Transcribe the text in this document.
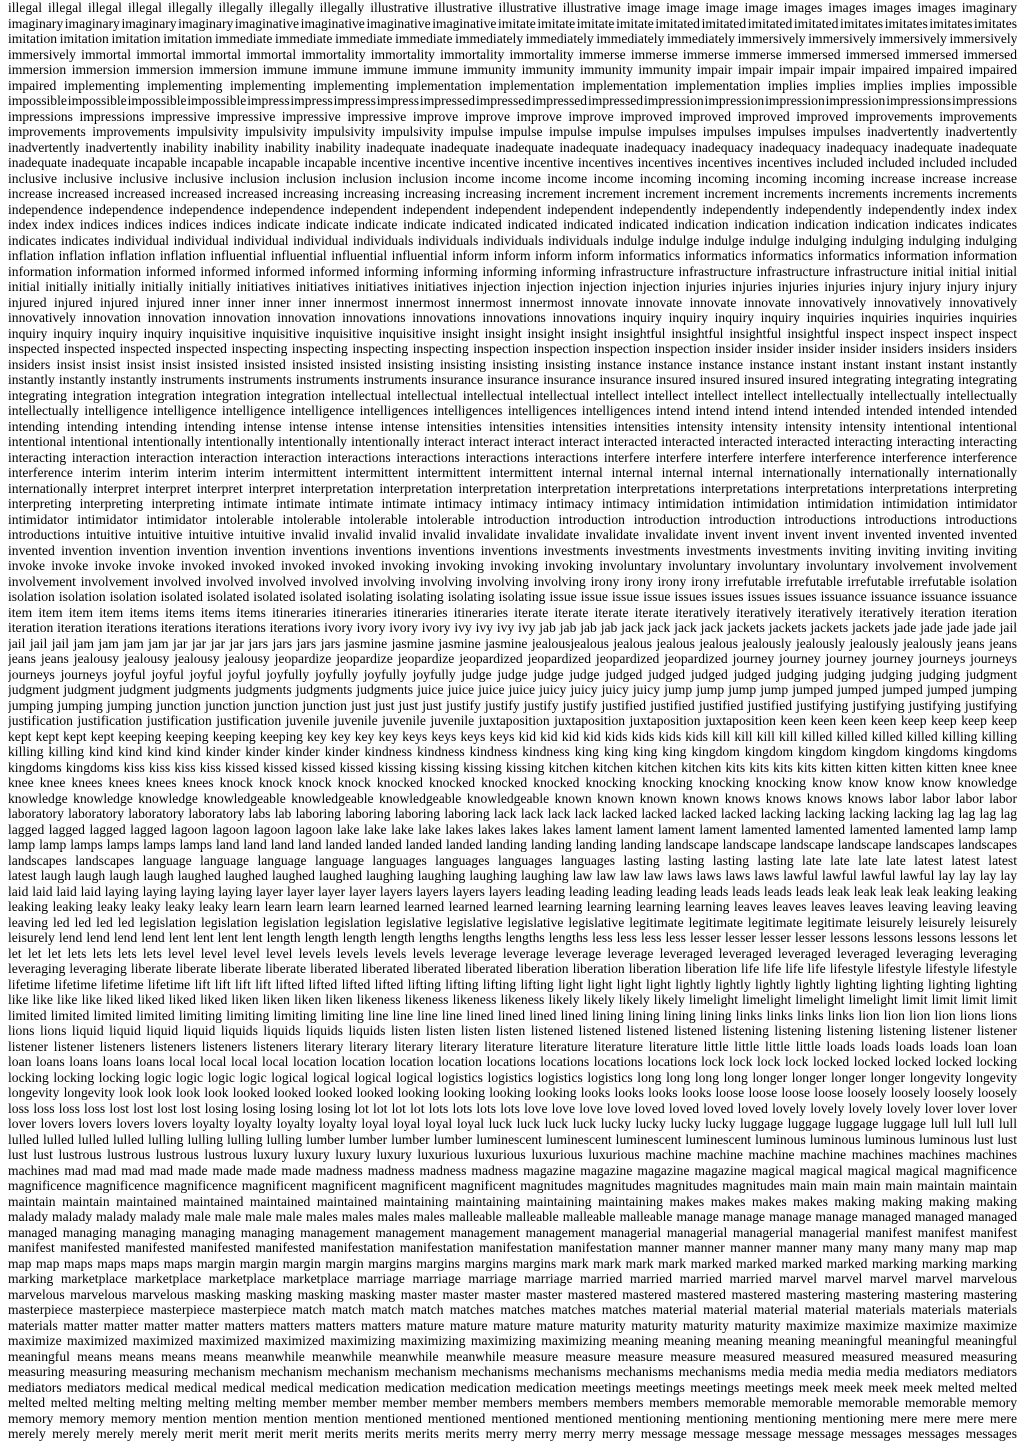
illegal illegal illegal illegal illegally illegally illegally illegally illustrative illustrative illustrative illustrative image image image image images images images images imaginary
imaginary imaginary imaginary imaginary imaginative imaginative imaginative imaginative imitate imitate imitate imitate imitated imitated imitated imitated imitates imitates imitates imitates
imitation imitation imitation imitation immediate immediate immediate immediate immediately immediately immediately immediately immersively immersively immersively immersively
immersively immortal immortal immortal immortal immortality immortality immortality immortality immerse immerse immerse immerse immersed immersed immersed immersed
immersion immersion immersion immersion immune immune immune immune immunity immunity immunity immunity impair impair impair impair impaired impaired impaired
impaired implementing implementing implementing implementing implementation implementation implementation implementation implies implies implies implies impossible
impossible impossible impossible impossible impress impress impress impress impressed impressed impressed impressed impression impression impression impression impressions impressions
impressions impressions impressive impressive impressive impressive improve improve improve improve improved improved improved improved improvements improvements
improvements improvements impulsivity impulsivity impulsivity impulsivity impulse impulse impulse impulse impulses impulses impulses impulses inadvertently inadvertently
inadvertently inadvertently inability inability inability inability inadequate inadequate inadequate inadequate inadequacy inadequacy inadequacy inadequacy inadequate inadequate
inadequate inadequate incapable incapable incapable incapable incentive incentive incentive incentive incentives incentives incentives incentives included included included included
inclusive inclusive inclusive inclusive inclusion inclusion inclusion inclusion income income income income incoming incoming incoming incoming increase increase increase
increase increased increased increased increased increasing increasing increasing increasing increment increment increment increment increments increments increments increments
independence independence independence independence independent independent independent independent independently independently independently independently index index
index index indices indices indices indices indicate indicate indicate indicate indicated indicated indicated indicated indication indication indication indication indicates indicates
indicates indicates individual individual individual individual individuals individuals individuals individuals indulge indulge indulge indulge indulging indulging indulging indulging
inflation inflation inflation inflation influential influential influential influential inform inform inform inform informatics informatics informatics informatics information information
information information informed informed informed informed informing informing informing informing infrastructure infrastructure infrastructure infrastructure initial initial initial
initial initially initially initially initially initiatives initiatives initiatives initiatives injection injection injection injection injuries injuries injuries injuries injury injury injury injury
injured injured injured injured inner inner inner inner innermost innermost innermost innermost innovate innovate innovate innovate innovatively innovatively innovatively
innovatively innovation innovation innovation innovation innovations innovations innovations innovations inquiry inquiry inquiry inquiry inquiries inquiries inquiries inquiries
inquiry inquiry inquiry inquiry inquisitive inquisitive inquisitive inquisitive insight insight insight insight insightful insightful insightful insightful inspect inspect inspect inspect
inspected inspected inspected inspected inspecting inspecting inspecting inspecting inspection inspection inspection inspection insider insider insider insider insiders insiders insiders
insiders insist insist insist insist insisted insisted insisted insisted insisting insisting insisting insisting instance instance instance instance instant instant instant instant instantly
instantly instantly instantly instruments instruments instruments instruments insurance insurance insurance insurance insured insured insured insured integrating integrating integrating
integrating integration integration integration integration intellectual intellectual intellectual intellectual intellect intellect intellect intellect intellectually intellectually intellectually
intellectually intelligence intelligence intelligence intelligence intelligences intelligences intelligences intelligences intend intend intend intend intended intended intended intended
intending intending intending intending intense intense intense intense intensities intensities intensities intensities intensity intensity intensity intensity intentional intentional
intentional intentional intentionally intentionally intentionally intentionally interact interact interact interact interacted interacted interacted interacted interacting interacting interacting
interacting interaction interaction interaction interaction interactions interactions interactions interactions interfere interfere interfere interfere interference interference interference
interference interim interim interim interim intermittent intermittent intermittent intermittent internal internal internal internal internationally internationally internationally
internationally interpret interpret interpret interpret interpretation interpretation interpretation interpretation interpretations interpretations interpretations interpretations interpreting
interpreting interpreting interpreting intimate intimate intimate intimate intimacy intimacy intimacy intimacy intimidation intimidation intimidation intimidation intimidator
intimidator intimidator intimidator intolerable intolerable intolerable intolerable introduction introduction introduction introduction introductions introductions introductions
introductions intuitive intuitive intuitive intuitive invalid invalid invalid invalid invalidate invalidate invalidate invalidate invent invent invent invent invented invented invented
invented invention invention invention invention inventions inventions inventions inventions investments investments investments investments inviting inviting inviting inviting
invoke invoke invoke invoke invoked invoked invoked invoked invoking invoking invoking invoking involuntary involuntary involuntary involuntary involvement involvement
involvement involvement involved involved involved involved involving involving involving involving irony irony irony irony irrefutable irrefutable irrefutable irrefutable isolation
isolation isolation isolation isolated isolated isolated isolated isolating isolating isolating isolating issue issue issue issue issues issues issues issues issuance issuance issuance issuance
item item item item items items items items itineraries itineraries itineraries itineraries iterate iterate iterate iterate iteratively iteratively iteratively iteratively iteration iteration
iteration iteration iterations iterations iterations iterations ivory ivory ivory ivory ivy ivy ivy ivy jab jab jab jab jack jack jack jack jackets jackets jackets jackets jade jade jade jade jail
jail jail jail jam jam jam jam jar jar jar jar jars jars jars jars jasmine jasmine jasmine jasmine jealousjealous jealous jealous jealous jealously jealously jealously jealously jeans jeans
jeans jeans jealousy jealousy jealousy jealousy jeopardize jeopardize jeopardize jeopardized jeopardized jeopardized jeopardized journey journey journey journey journeys journeys
journeys journeys joyful joyful joyful joyful joyfully joyfully joyfully joyfully judge judge judge judge judged judged judged judged judging judging judging judging judgment
judgment judgment judgment judgments judgments judgments judgments juice juice juice juice juicy juicy juicy juicy jump jump jump jump jumped jumped jumped jumped jumping
jumping jumping jumping junction junction junction junction just just just just justify justify justify justify justified justified justified justified justifying justifying justifying justifying
justification justification justification justification juvenile juvenile juvenile juvenile juxtaposition juxtaposition juxtaposition juxtaposition keen keen keen keen keep keep keep keep
kept kept kept kept keeping keeping keeping keeping key key key key keys keys keys keys kid kid kid kid kids kids kids kids kill kill kill kill killed killed killed killed killing killing
killing killing kind kind kind kind kinder kinder kinder kinder kindness kindness kindness kindness king king king king kingdom kingdom kingdom kingdom kingdoms kingdoms
kingdoms kingdoms kiss kiss kiss kiss kissed kissed kissed kissed kissing kissing kissing kissing kitchen kitchen kitchen kitchen kits kits kits kits kitten kitten kitten kitten knee knee
knee knee knees knees knees knees knock knock knock knock knocked knocked knocked knocked knocking knocking knocking knocking know know know know knowledge
knowledge knowledge knowledge knowledgeable knowledgeable knowledgeable knowledgeable known known known known knows knows knows knows labor labor labor labor
laboratory laboratory laboratory laboratory labs lab laboring laboring laboring laboring lack lack lack lack lacked lacked lacked lacked lacking lacking lacking lacking lag lag lag lag
lagged lagged lagged lagged lagoon lagoon lagoon lagoon lake lake lake lake lakes lakes lakes lakes lament lament lament lament lamented lamented lamented lamented lamp lamp
lamp lamp lamps lamps lamps lamps land land land land landed landed landed landed landing landing landing landing landscape landscape landscape landscape landscapes landscapes
landscapes landscapes language language language language languages languages languages languages lasting lasting lasting lasting late late late late latest latest latest
latest laugh laugh laugh laugh laughed laughed laughed laughed laughing laughing laughing laughing law law law law laws laws laws laws lawful lawful lawful lawful lay lay lay lay
laid laid laid laid laying laying laying laying layer layer layer layer layers layers layers layers leading leading leading leading leads leads leads leads leak leak leak leak leaking leaking
leaking leaking leaky leaky leaky leaky learn learn learn learn learned learned learned learned learning learning learning learning leaves leaves leaves leaves leaving leaving leaving
leaving led led led led legislation legislation legislation legislation legislative legislative legislative legislative legitimate legitimate legitimate legitimate leisurely leisurely leisurely
leisurely lend lend lend lend lent lent lent lent length length length length lengths lengths lengths lengths less less less less lesser lesser lesser lesser lessons lessons lessons lessons let
let let let lets lets lets lets level level level level levels levels levels levels leverage leverage leverage leverage leveraged leveraged leveraged leveraged leveraging leveraging
leveraging leveraging liberate liberate liberate liberate liberated liberated liberated liberated liberation liberation liberation liberation life life life life lifestyle lifestyle lifestyle lifestyle
lifetime lifetime lifetime lifetime lift lift lift lift lifted lifted lifted lifted lifting lifting lifting lifting light light light light lightly lightly lightly lightly lighting lighting lighting lighting
like like like like liked liked liked liked liken liken liken liken likeness likeness likeness likeness likely likely likely likely limelight limelight limelight limelight limit limit limit limit
limited limited limited limited limiting limiting limiting limiting line line line line lined lined lined lined lining lining lining lining links links links links lion lion lion lion lions lions
lions lions liquid liquid liquid liquid liquids liquids liquids liquids listen listen listen listen listened listened listened listened listening listening listening listening listener listener
listener listener listeners listeners listeners listeners literary literary literary literary literature literature literature literature little little little little loads loads loads loads loan loan
loan loans loans loans loans local local local local location location location location locations locations locations locations lock lock lock lock locked locked locked locked locking
locking locking locking logic logic logic logic logical logical logical logical logistics logistics logistics logistics long long long long longer longer longer longer longevity longevity
longevity longevity look look look look looked looked looked looked looking looking looking looking looks looks looks looks loose loose loose loose loosely loosely loosely loosely
loss loss loss loss lost lost lost lost losing losing losing losing lot lot lot lot lots lots lots lots love love love love loved loved loved loved lovely lovely lovely lovely lover lover lover
lover lovers lovers lovers lovers loyalty loyalty loyalty loyalty loyal loyal loyal loyal luck luck luck luck lucky lucky lucky lucky luggage luggage luggage luggage lull lull lull lull
lulled lulled lulled lulled lulling lulling lulling lulling lumber lumber lumber lumber luminescent luminescent luminescent luminescent luminous luminous luminous luminous lust lust
lust lust lustrous lustrous lustrous lustrous luxury luxury luxury luxury luxurious luxurious luxurious luxurious machine machine machine machine machines machines machines
machines mad mad mad mad made made made made madness madness madness madness magazine magazine magazine magazine magical magical magical magical magnificence
magnificence magnificence magnificence magnificent magnificent magnificent magnificent magnitudes magnitudes magnitudes magnitudes main main main main maintain maintain
maintain maintain maintained maintained maintained maintained maintaining maintaining maintaining maintaining makes makes makes makes making making making making
malady malady malady malady male male male male males males males males malleable malleable malleable malleable manage manage manage manage managed managed managed
managed managing managing managing managing management management management management managerial managerial managerial managerial manifest manifest manifest
manifest manifested manifested manifested manifested manifestation manifestation manifestation manifestation manner manner manner manner many many many many map map
map map maps maps maps maps margin margin margin margin margins margins margins margins mark mark mark mark marked marked marked marked marking marking marking
marking marketplace marketplace marketplace marketplace marriage marriage marriage marriage married married married married marvel marvel marvel marvel marvelous
marvelous marvelous marvelous masking masking masking masking master master master master mastered mastered mastered mastered mastering mastering mastering mastering
masterpiece masterpiece masterpiece masterpiece match match match match matches matches matches matches material material material material materials materials materials
materials matter matter matter matter matters matters matters matters mature mature mature mature maturity maturity maturity maturity maximize maximize maximize maximize
maximize maximized maximized maximized maximized maximizing maximizing maximizing maximizing meaning meaning meaning meaning meaningful meaningful meaningful
meaningful means means means means meanwhile meanwhile meanwhile meanwhile measure measure measure measure measured measured measured measured measuring
measuring measuring measuring mechanism mechanism mechanism mechanism mechanisms mechanisms mechanisms mechanisms media media media media mediators mediators
mediators mediators medical medical medical medical medication medication medication medication meetings meetings meetings meetings meek meek meek meek melted melted
melted melted melting melting melting melting member member member member members members members members memorable memorable memorable memorable memory
memory memory memory mention mention mention mention mentioned mentioned mentioned mentioned mentioning mentioning mentioning mentioning mere mere mere mere
merely merely merely merely merit merit merit merit merits merits merits merits merry merry merry merry message message message message messages messages messages
